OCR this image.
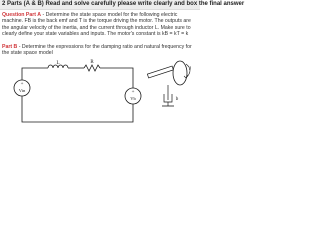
2 Parts (A & B) Read and solve carefully please write clearly and box the final answer

Question Part A - Determine the state space model for the following electric machine. FB is the back emf and T is the torque driving the motor. The outputs are the angular velocity of the inertia, and the current through inductor L. Make sure to clearly define your state variables and inputs. The motor's constant is kB = kT = k

Part B - Determine the expressions for the damping ratio and natural frequency for the state space model

+
Vin	+
Vb
L	R
J
b
